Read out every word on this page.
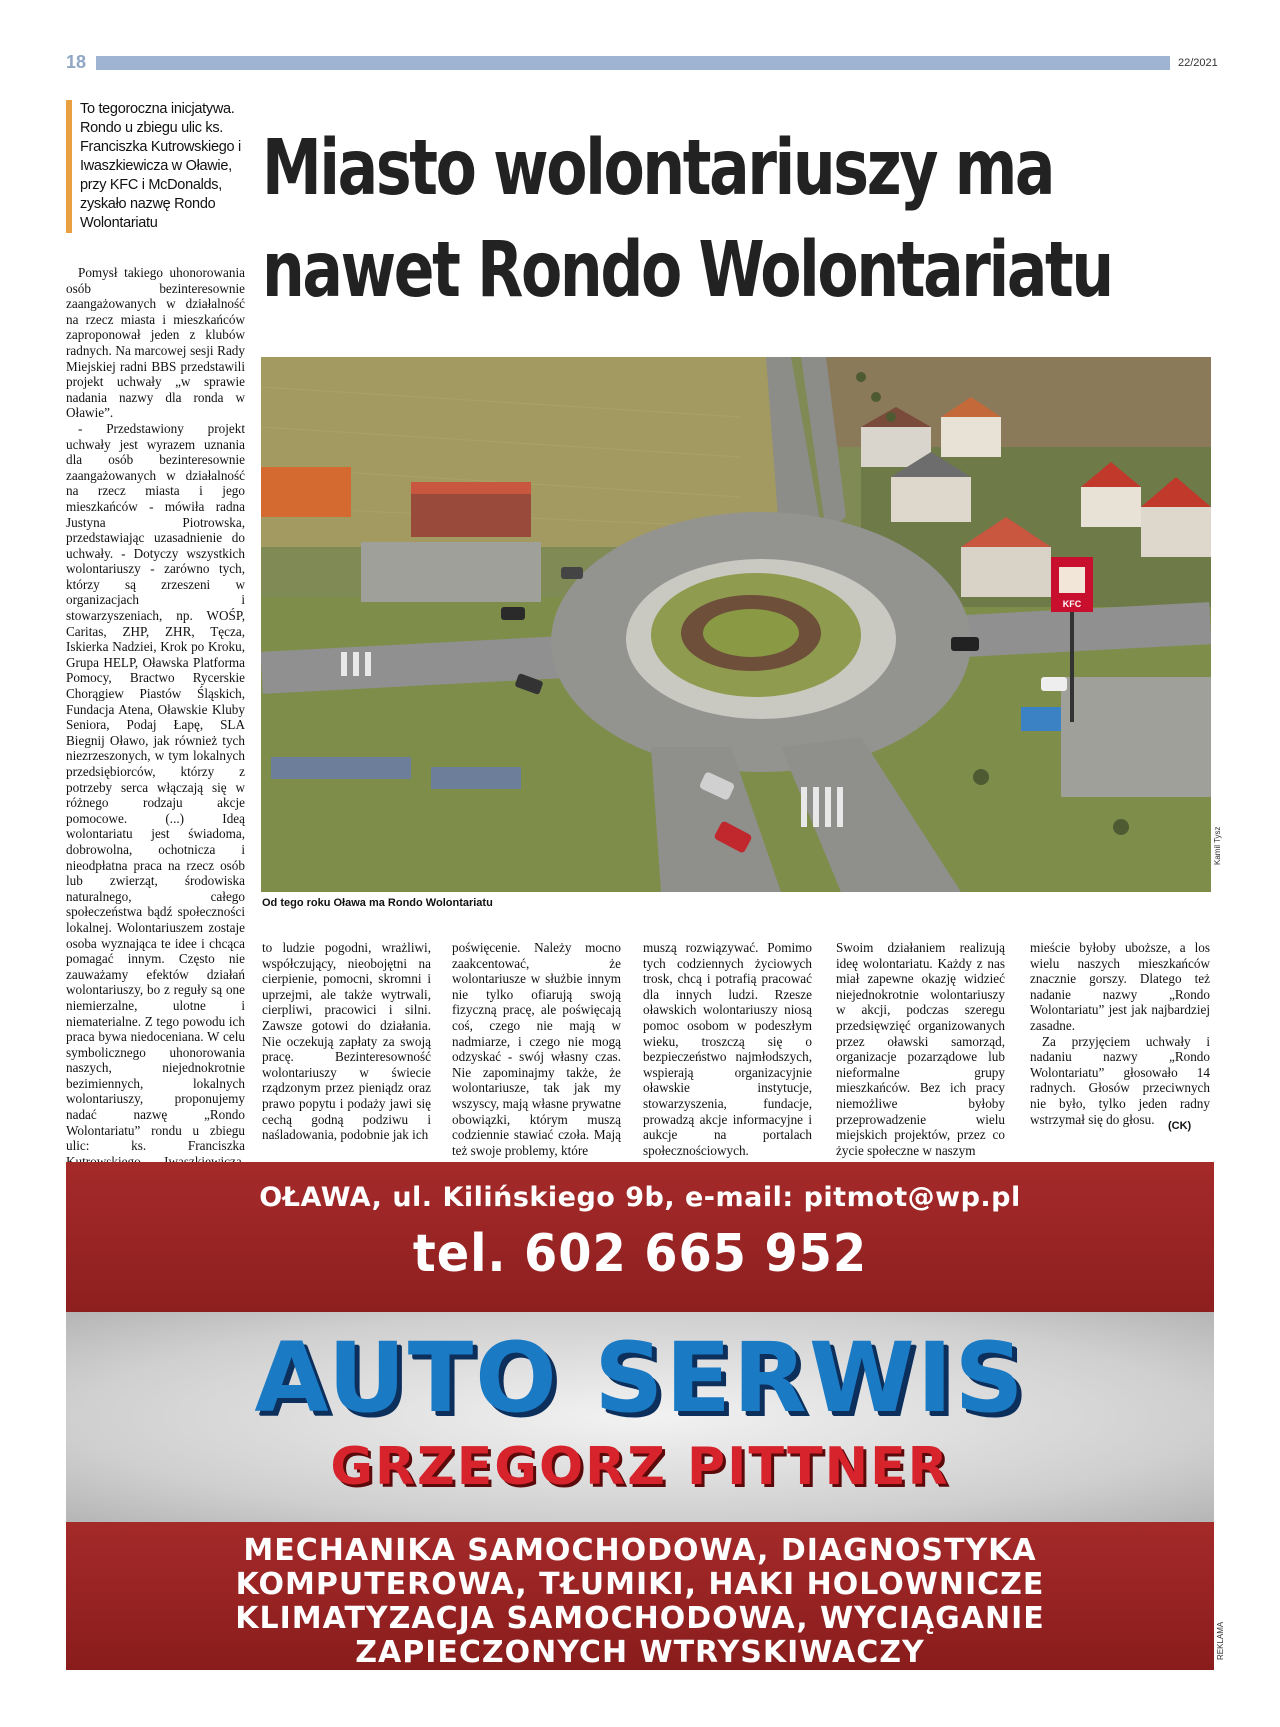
18	22/2021
To tegoroczna inicjatywa. Rondo u zbiegu ulic ks. Franciszka Kutrowskiego i Iwaszkiewicza w Oławie, przy KFC i McDonalds, zyskało nazwę Rondo Wolontariatu
Miasto wolontariuszy ma
nawet Rondo Wolontariatu
KFC
Kamil Tysz
Od tego roku Oława ma Rondo Wolontariatu

Pomysł takiego uhonorowania osób bezinteresownie zaangażowanych w działalność na rzecz miasta i mieszkańców zaproponował jeden z klubów radnych. Na marcowej sesji Rady Miejskiej radni BBS przedstawili projekt uchwały „w sprawie nadania nazwy dla ronda w Oławie”.

- Przedstawiony projekt uchwały jest wyrazem uznania dla osób bezinteresownie zaangażowanych w działalność na rzecz miasta i jego mieszkańców - mówiła radna Justyna Piotrowska, przedstawiając uzasadnienie do uchwały. - Dotyczy wszystkich wolontariuszy - zarówno tych, którzy są zrzeszeni w organizacjach i stowarzyszeniach, np. WOŚP, Caritas, ZHP, ZHR, Tęcza, Iskierka Nadziei, Krok po Kroku, Grupa HELP, Oławska Platforma Pomocy, Bractwo Rycerskie Chorągiew Piastów Śląskich, Fundacja Atena, Oławskie Kluby Seniora, Podaj Łapę, SLA Biegnij Oławo, jak również tych niezrzeszonych, w tym lokalnych przedsiębiorców, którzy z potrzeby serca włączają się w różnego rodzaju akcje pomocowe. (...) Ideą wolontariatu jest świadoma, dobrowolna, ochotnicza i nieodpłatna praca na rzecz osób lub zwierząt, środowiska naturalnego, całego społeczeństwa bądź społeczności lokalnej. Wolontariuszem zostaje osoba wyznająca te idee i chcąca pomagać innym. Często nie zauważamy efektów działań wolontariuszy, bo z reguły są one niemierzalne, ulotne i niematerialne. Z tego powodu ich praca bywa niedoceniana. W celu symbolicznego uhonorowania naszych, niejednokrotnie bezimiennych, lokalnych wolontariuszy, proponujemy nadać nazwę „Rondo Wolontariatu” rondu u zbiegu ulic: ks. Franciszka

to ludzie pogodni, wrażliwi, współczujący, nieobojętni na cierpienie, pomocni, skromni i uprzejmi, ale także wytrwali, cierpliwi, pracowici i silni. Zawsze gotowi do działania. Nie oczekują zapłaty za swoją pracę. Bezinteresowność wolontariuszy w świecie rządzonym przez pieniądz oraz prawo popytu i podaży jawi się cechą godną podziwu i naśladowania, podobnie jak ich
poświęcenie. Należy mocno zaakcentować, że wolontariusze w służbie innym nie tylko ofiarują swoją fizyczną pracę, ale poświęcają coś, czego nie mają w nadmiarze, i czego nie mogą odzyskać - swój własny czas. Nie zapominajmy także, że wolontariusze, tak jak my wszyscy, mają własne prywatne obowiązki, którym muszą codziennie stawiać czoła. Mają też swoje problemy, które
muszą rozwiązywać. Pomimo tych codziennych życiowych trosk, chcą i potrafią pracować dla innych ludzi. Rzesze oławskich wolontariuszy niosą pomoc osobom w podeszłym wieku, troszczą się o bezpieczeństwo najmłodszych, wspierają organizacyjnie oławskie instytucje, stowarzyszenia, fundacje, prowadzą akcje informacyjne i aukcje na portalach społecznościowych.
Swoim działaniem realizują ideę wolontariatu. Każdy z nas miał zapewne okazję widzieć niejednokrotnie wolontariuszy w akcji, podczas szeregu przedsięwzięć organizowanych przez oławski samorząd, organizacje pozarządowe lub nieformalne grupy mieszkańców. Bez ich pracy niemożliwe byłoby przeprowadzenie wielu miejskich projektów, przez co życie społeczne w naszym
mieście byłoby uboższe, a los wielu naszych mieszkańców znacznie gorszy. Dlatego też nadanie nazwy „Rondo Wolontariatu” jest jak najbardziej zasadne.

Za przyjęciem uchwały i nadaniu nazwy „Rondo Wolontariatu” głosowało 14 radnych. Głosów przeciwnych nie było, tylko jeden radny wstrzymał się do głosu.	(CK)
OŁAWA, ul. Kilińskiego 9b, e-mail: pitmot@wp.pl
tel. 602 665 952
AUTO SERWIS
GRZEGORZ PITTNER
MECHANIKA SAMOCHODOWA, DIAGNOSTYKA
KOMPUTEROWA, TŁUMIKI, HAKI HOLOWNICZE
KLIMATYZACJA SAMOCHODOWA, WYCIĄGANIE
ZAPIECZONYCH WTRYSKIWACZY	REKLAMA
